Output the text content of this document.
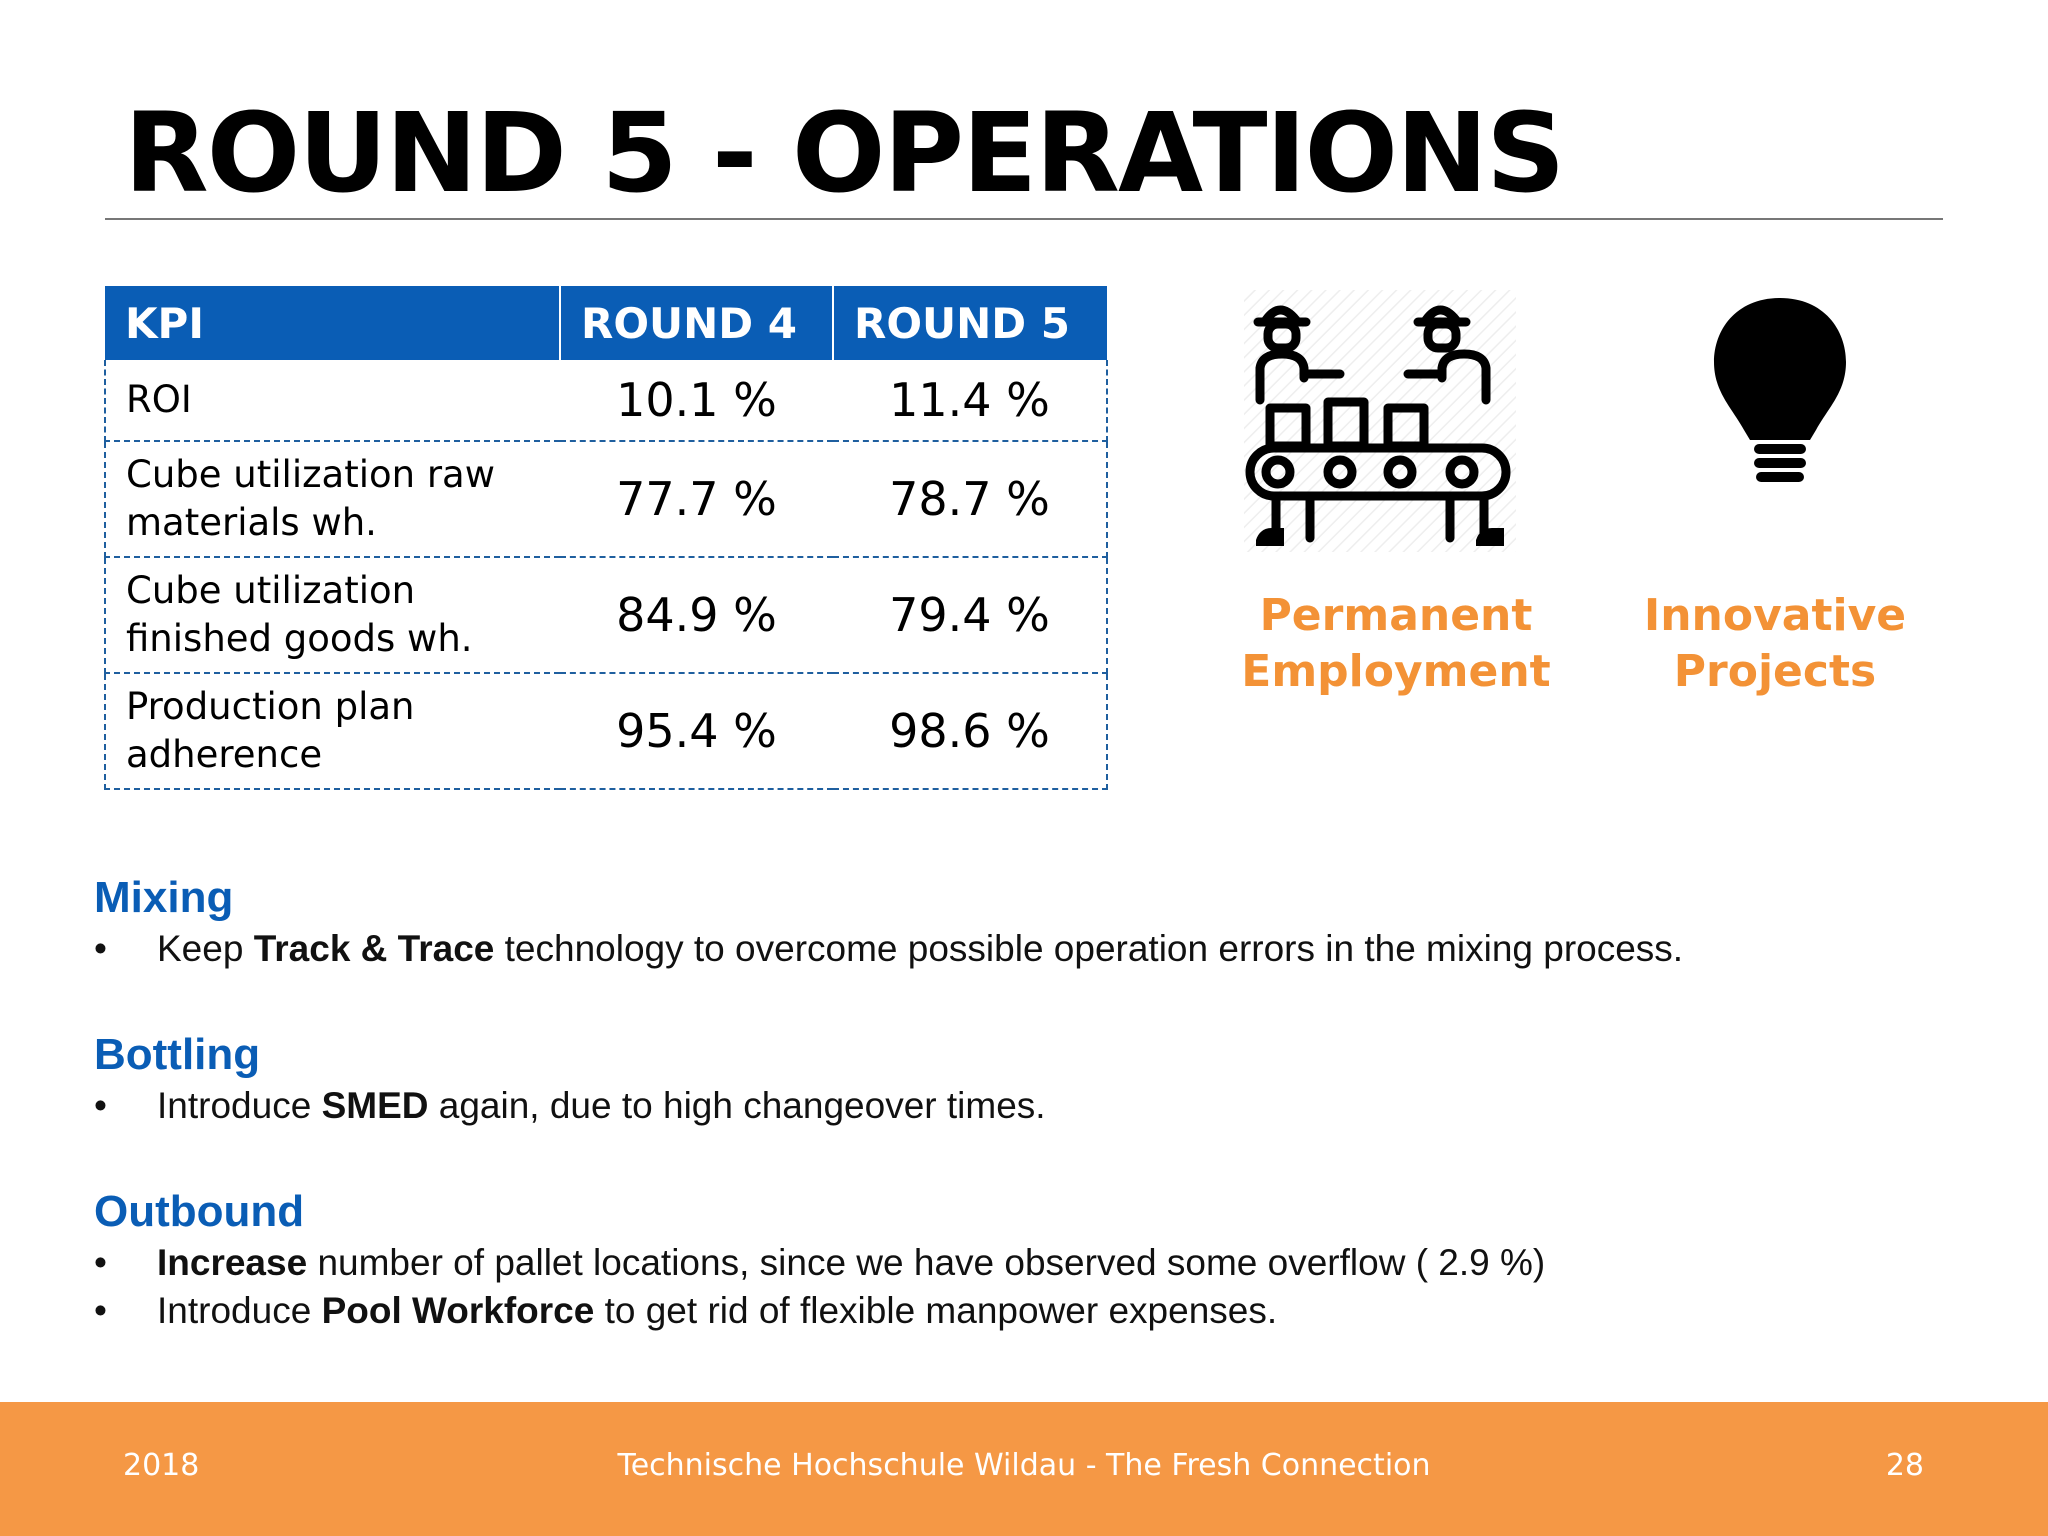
ROUND 5 - OPERATIONS
KPI	ROUND 4	ROUND 5
ROI	10.1 %	11.4 %
Cube utilization raw materials wh.	77.7 %	78.7 %
Cube utilization finished goods wh.	84.9 %	79.4 %
Production plan adherence	95.4 %	98.6 %
Permanent
Employment
Innovative
Projects
Mixing
• Keep Track & Trace technology to overcome possible operation errors in the mixing process.
Bottling
• Introduce SMED again, due to high changeover times.
Outbound
• Increase number of pallet locations, since we have observed some overflow ( 2.9 %)
• Introduce Pool Workforce to get rid of flexible manpower expenses.
2018	Technische Hochschule Wildau - The Fresh Connection	28
